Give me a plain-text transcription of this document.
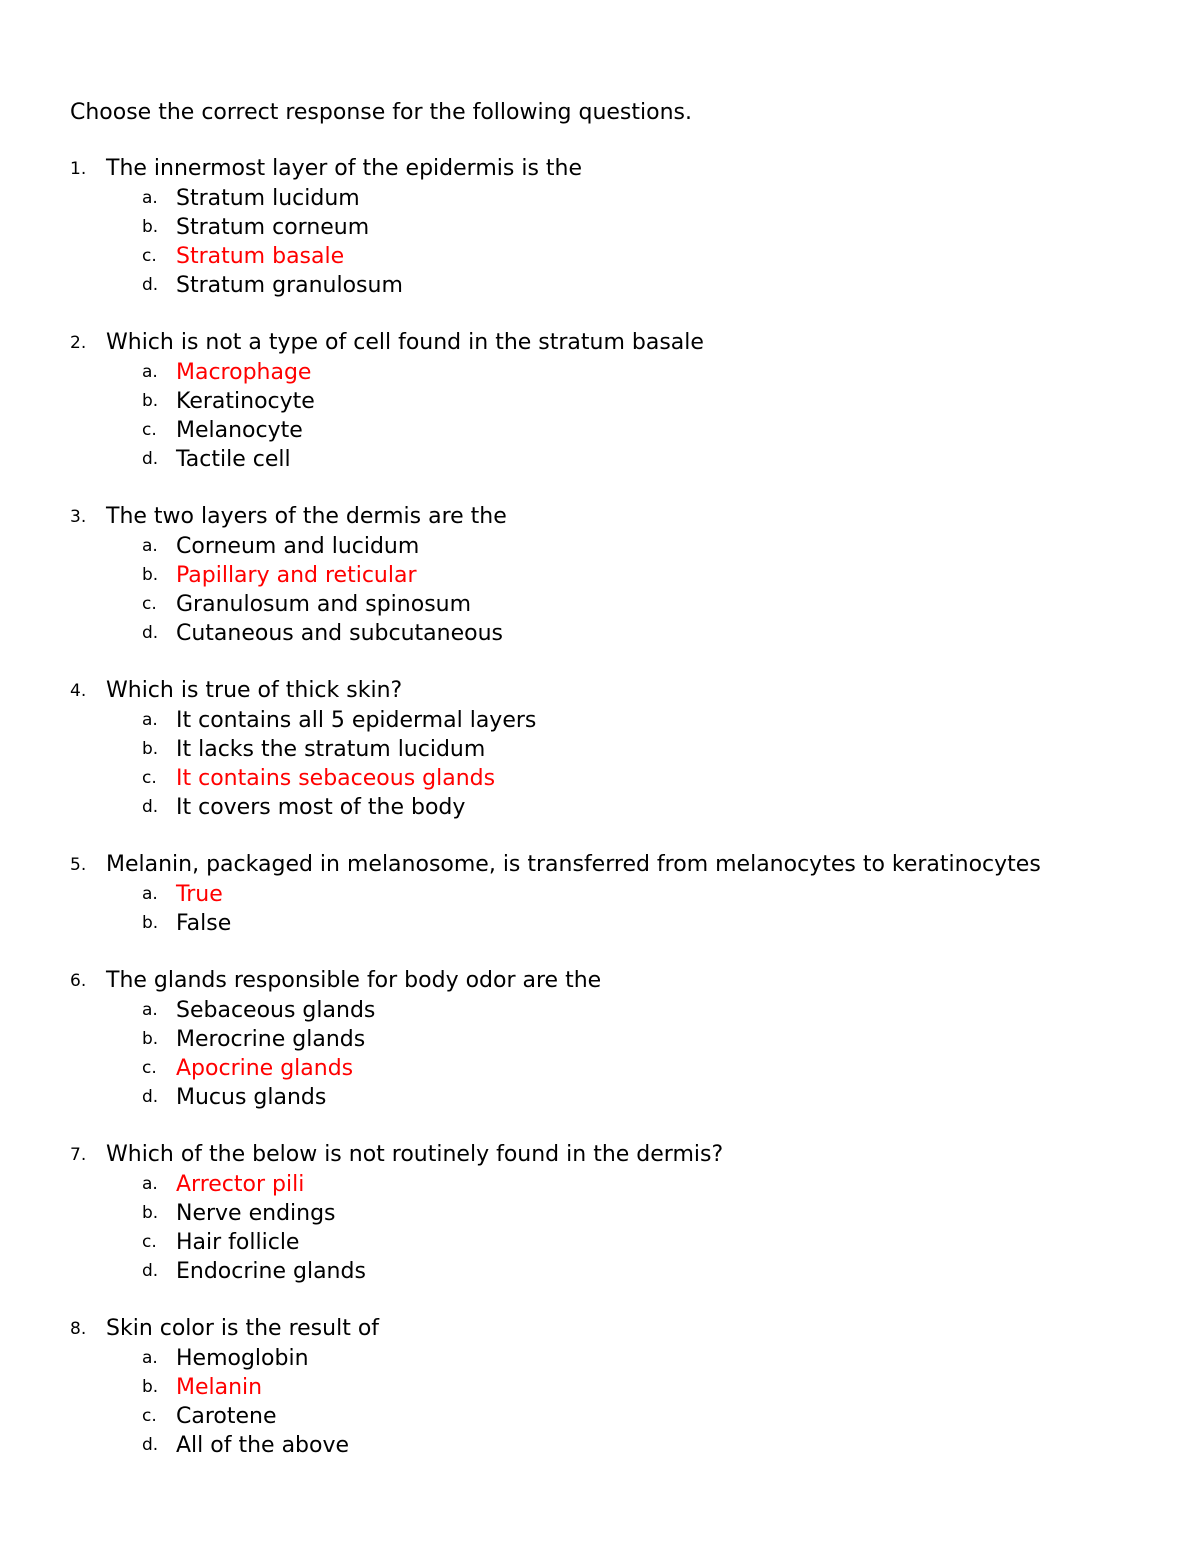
Choose the correct response for the following questions.

1. The innermost layer of the epidermis is the
a. Stratum lucidum
b. Stratum corneum
c. Stratum basale
d. Stratum granulosum
2. Which is not a type of cell found in the stratum basale
a. Macrophage
b. Keratinocyte
c. Melanocyte
d. Tactile cell
3. The two layers of the dermis are the
a. Corneum and lucidum
b. Papillary and reticular
c. Granulosum and spinosum
d. Cutaneous and subcutaneous
4. Which is true of thick skin?
a. It contains all 5 epidermal layers
b. It lacks the stratum lucidum
c. It contains sebaceous glands
d. It covers most of the body
5. Melanin, packaged in melanosome, is transferred from melanocytes to keratinocytes
a. True
b. False
6. The glands responsible for body odor are the
a. Sebaceous glands
b. Merocrine glands
c. Apocrine glands
d. Mucus glands
7. Which of the below is not routinely found in the dermis?
a. Arrector pili
b. Nerve endings
c. Hair follicle
d. Endocrine glands
8. Skin color is the result of
a. Hemoglobin
b. Melanin
c. Carotene
d. All of the above
